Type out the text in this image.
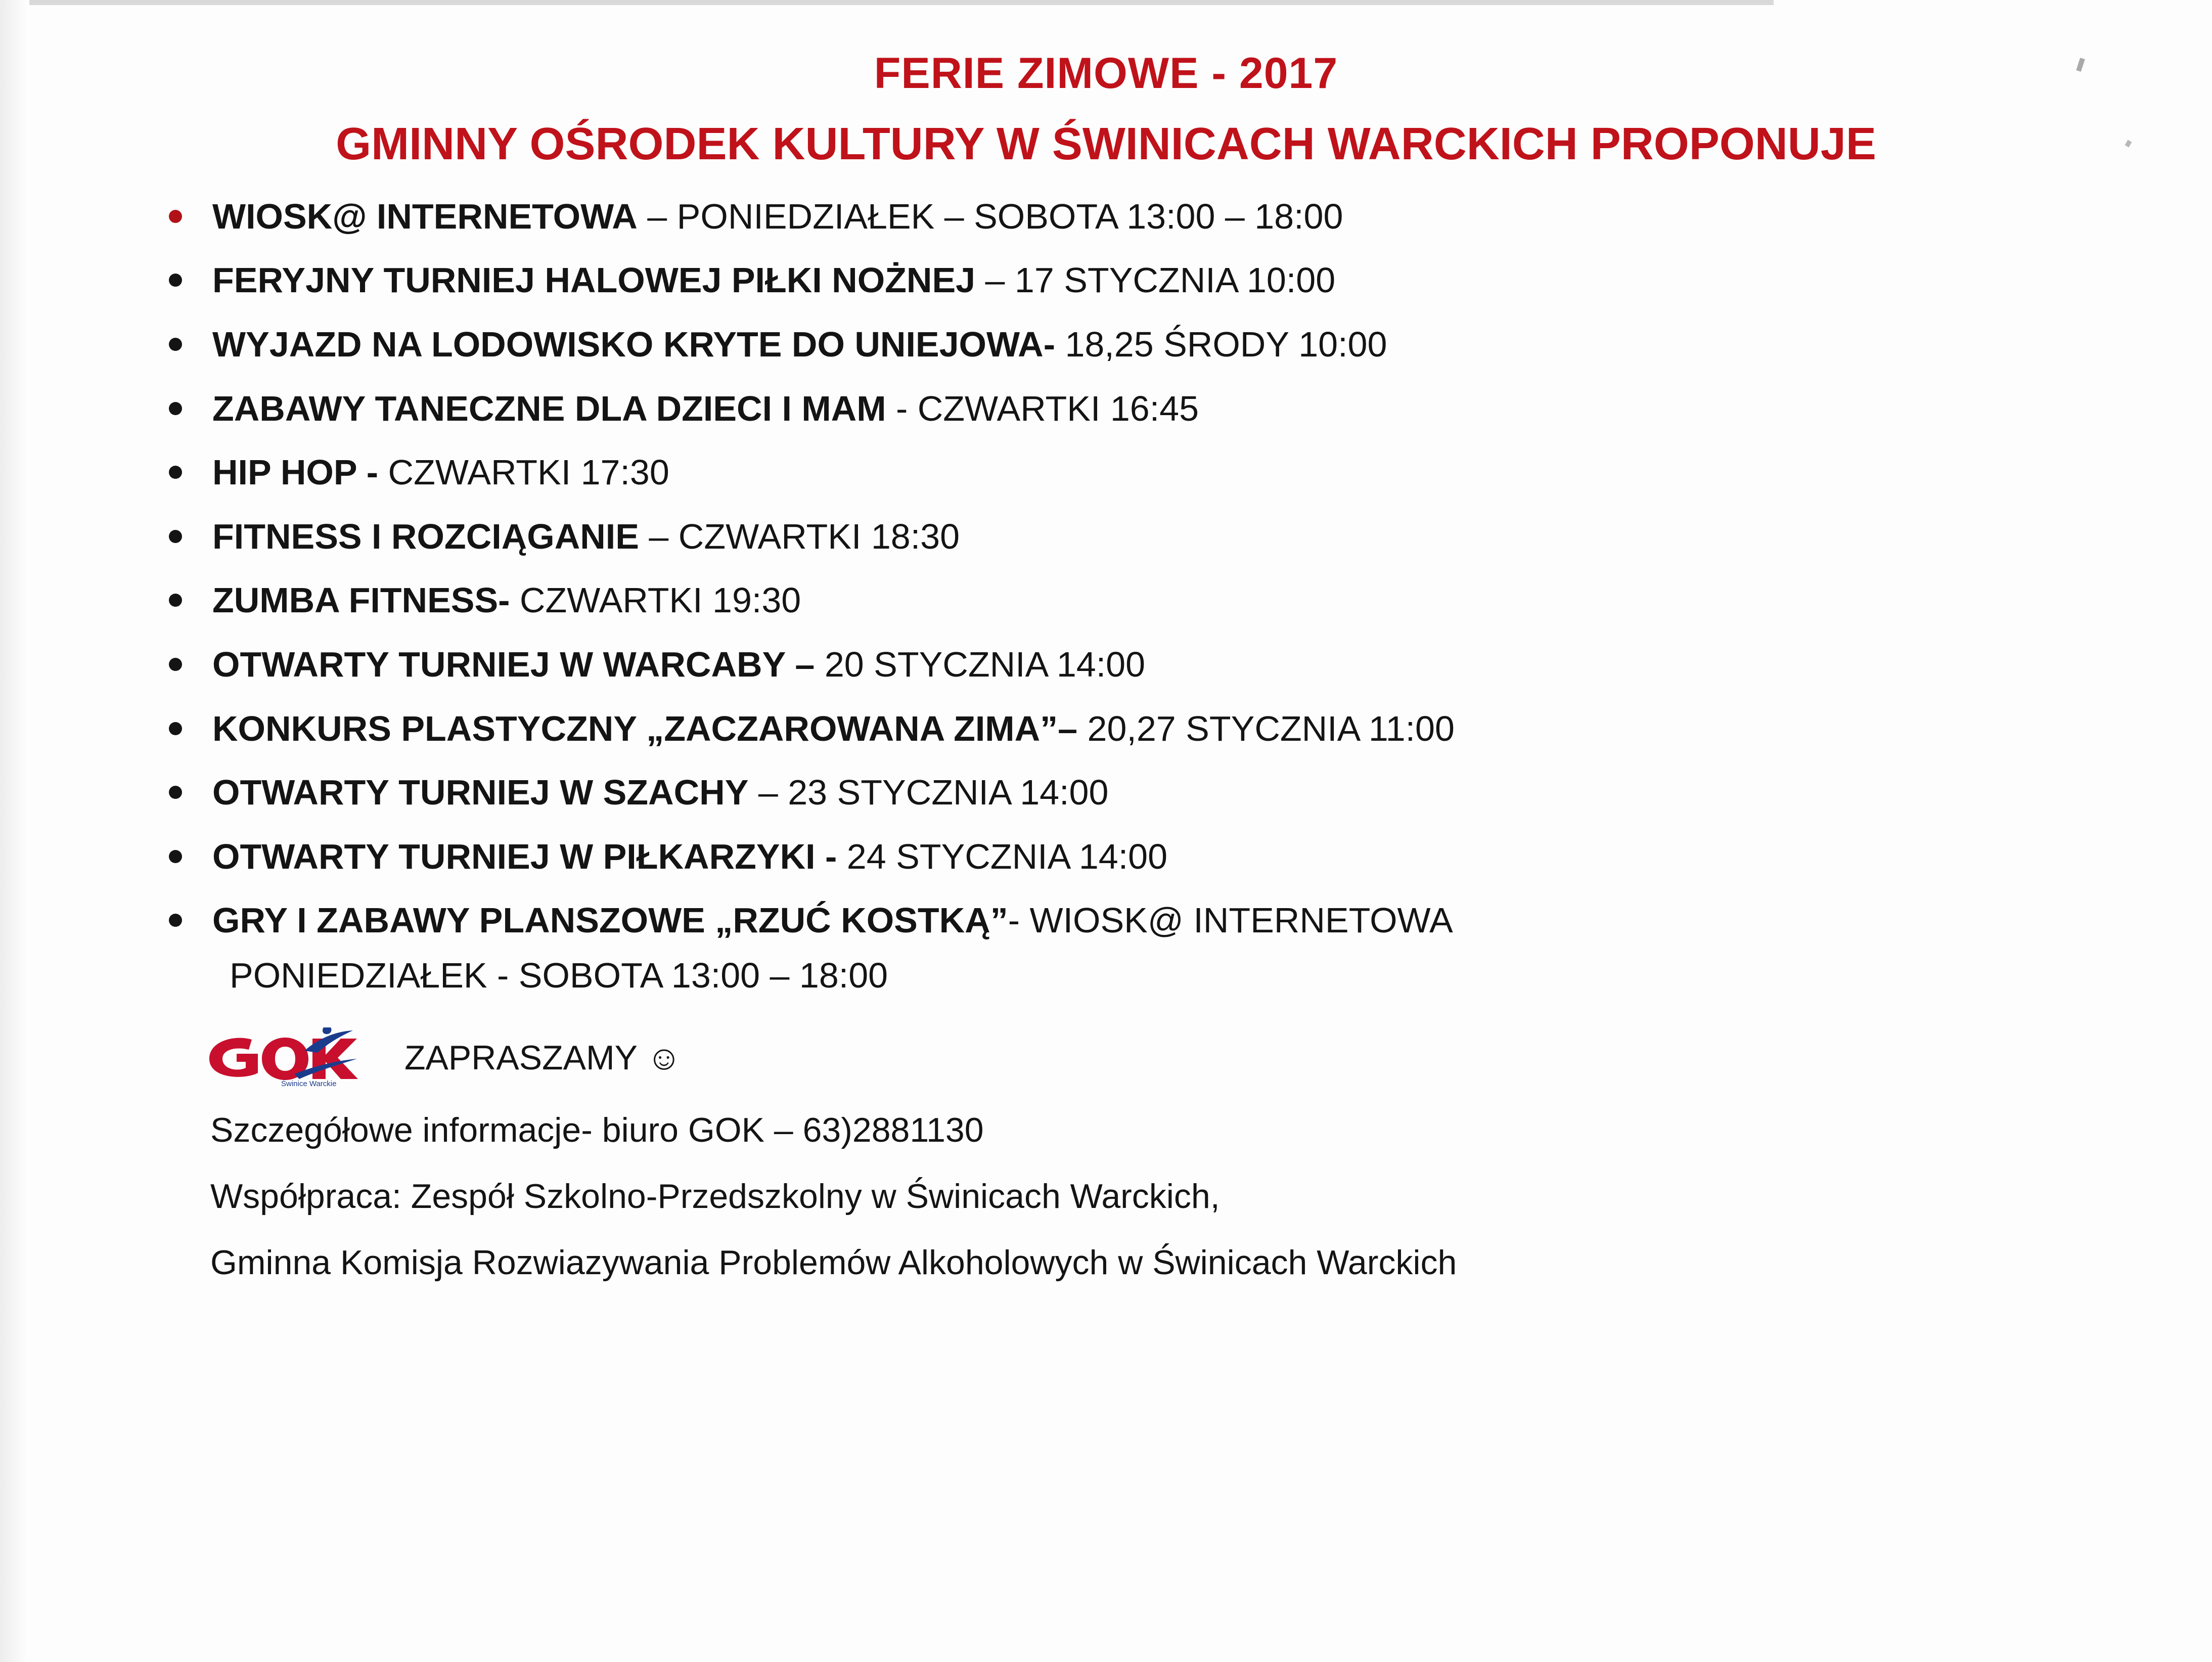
FERIE ZIMOWE - 2017
GMINNY OŚRODEK KULTURY W ŚWINICACH WARCKICH PROPONUJE
WIOSK@ INTERNETOWA – PONIEDZIAŁEK – SOBOTA 13:00 – 18:00
FERYJNY TURNIEJ HALOWEJ PIŁKI NOŻNEJ – 17 STYCZNIA 10:00
WYJAZD NA LODOWISKO KRYTE DO UNIEJOWA- 18,25 ŚRODY 10:00
ZABAWY TANECZNE DLA DZIECI I MAM - CZWARTKI 16:45
HIP HOP - CZWARTKI 17:30
FITNESS I ROZCIĄGANIE – CZWARTKI 18:30
ZUMBA FITNESS- CZWARTKI 19:30
OTWARTY TURNIEJ W WARCABY – 20 STYCZNIA 14:00
KONKURS PLASTYCZNY „ZACZAROWANA ZIMA”– 20,27 STYCZNIA 11:00
OTWARTY TURNIEJ W SZACHY – 23 STYCZNIA 14:00
OTWARTY TURNIEJ W PIŁKARZYKI - 24 STYCZNIA 14:00
GRY I ZABAWY PLANSZOWE „RZUĆ KOSTKĄ”- WIOSK@ INTERNETOWA
PONIEDZIAŁEK - SOBOTA 13:00 – 18:00
Świnice Warckie
ZAPRASZAMY ☺
Szczegółowe informacje- biuro GOK – 63)2881130
Współpraca: Zespół Szkolno-Przedszkolny w Świnicach Warckich,
Gminna Komisja Rozwiazywania Problemów Alkoholowych w Świnicach Warckich
